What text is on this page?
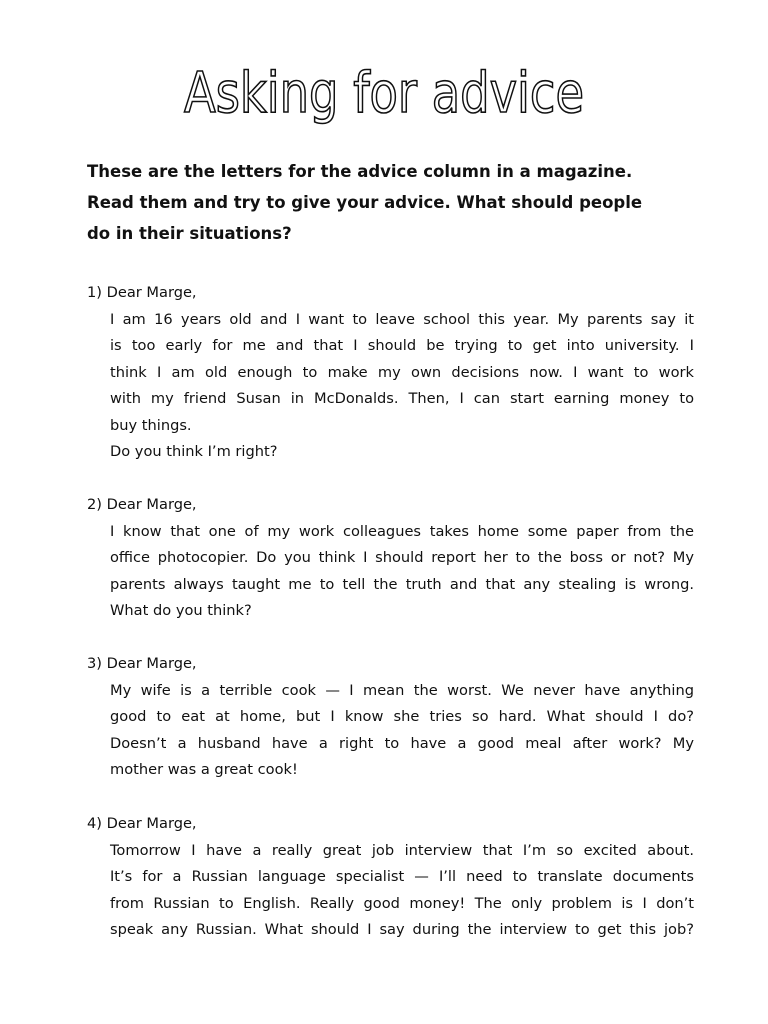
Asking for advice

These are the letters for the advice column in a magazine.
Read them and try to give your advice. What should people
do in their situations?

1) Dear Marge,
I am 16 years old and I want to leave school this year. My parents say it
is too early for me and that I should be trying to get into university. I
think I am old enough to make my own decisions now. I want to work
with my friend Susan in McDonalds. Then, I can start earning money to
buy things.
Do you think I’m right?
2) Dear Marge,
I know that one of my work colleagues takes home some paper from the
office photocopier. Do you think I should report her to the boss or not? My
parents always taught me to tell the truth and that any stealing is wrong.
What do you think?
3) Dear Marge,
My wife is a terrible cook — I mean the worst. We never have anything
good to eat at home, but I know she tries so hard. What should I do?
Doesn’t a husband have a right to have a good meal after work? My
mother was a great cook!
4) Dear Marge,
Tomorrow I have a really great job interview that I’m so excited about.
It’s for a Russian language specialist — I’ll need to translate documents
from Russian to English. Really good money! The only problem is I don’t
speak any Russian. What should I say during the interview to get this job?
